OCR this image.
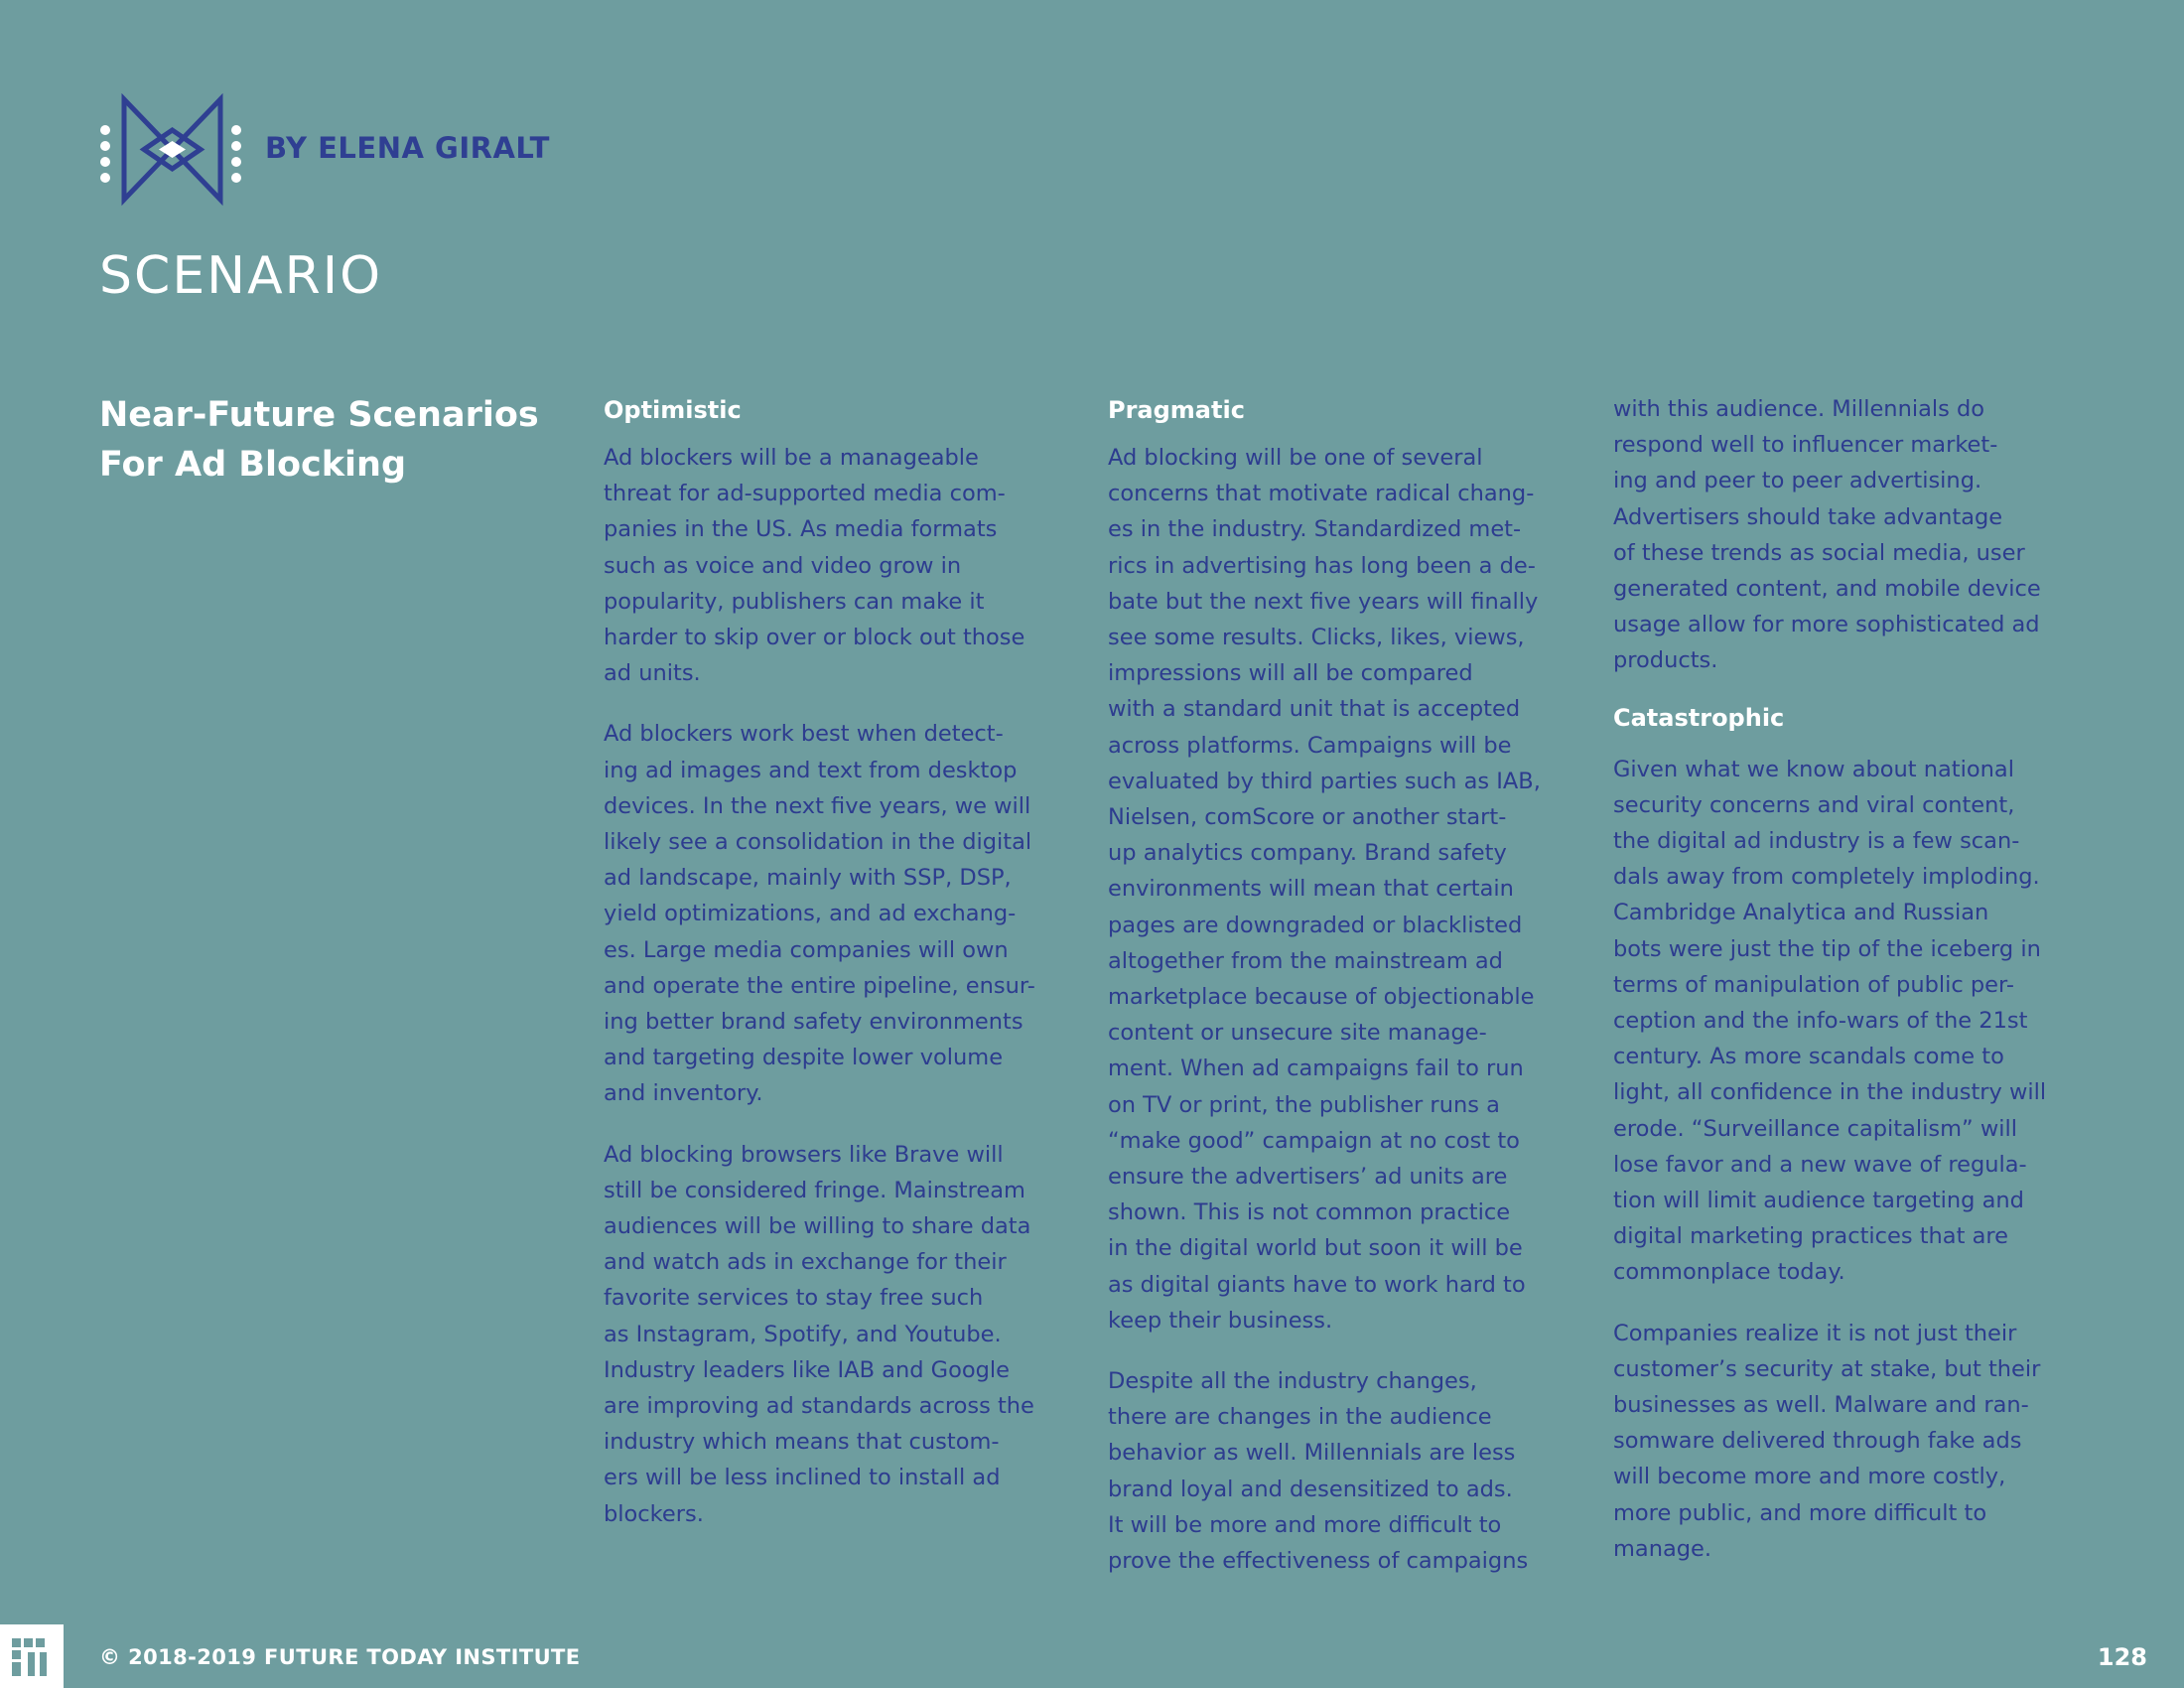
BY ELENA GIRALT
SCENARIO
Near-Future Scenarios
For Ad Blocking
Optimistic
Ad blockers will be a manageable
threat for ad-supported media com-
panies in the US. As media formats
such as voice and video grow in
popularity, publishers can make it
harder to skip over or block out those
ad units.
Ad blockers work best when detect-
ing ad images and text from desktop
devices. In the next five years, we will
likely see a consolidation in the digital
ad landscape, mainly with SSP, DSP,
yield optimizations, and ad exchang-
es. Large media companies will own
and operate the entire pipeline, ensur-
ing better brand safety environments
and targeting despite lower volume
and inventory.
Ad blocking browsers like Brave will
still be considered fringe. Mainstream
audiences will be willing to share data
and watch ads in exchange for their
favorite services to stay free such
as Instagram, Spotify, and Youtube.
Industry leaders like IAB and Google
are improving ad standards across the
industry which means that custom-
ers will be less inclined to install ad
blockers.
Pragmatic
Ad blocking will be one of several
concerns that motivate radical chang-
es in the industry. Standardized met-
rics in advertising has long been a de-
bate but the next five years will finally
see some results. Clicks, likes, views,
impressions will all be compared
with a standard unit that is accepted
across platforms. Campaigns will be
evaluated by third parties such as IAB,
Nielsen, comScore or another start-
up analytics company. Brand safety
environments will mean that certain
pages are downgraded or blacklisted
altogether from the mainstream ad
marketplace because of objectionable
content or unsecure site manage-
ment. When ad campaigns fail to run
on TV or print, the publisher runs a
“make good” campaign at no cost to
ensure the advertisers’ ad units are
shown. This is not common practice
in the digital world but soon it will be
as digital giants have to work hard to
keep their business.
Despite all the industry changes,
there are changes in the audience
behavior as well. Millennials are less
brand loyal and desensitized to ads.
It will be more and more difficult to
prove the effectiveness of campaigns
with this audience. Millennials do
respond well to influencer market-
ing and peer to peer advertising.
Advertisers should take advantage
of these trends as social media, user
generated content, and mobile device
usage allow for more sophisticated ad
products.
Catastrophic
Given what we know about national
security concerns and viral content,
the digital ad industry is a few scan-
dals away from completely imploding.
Cambridge Analytica and Russian
bots were just the tip of the iceberg in
terms of manipulation of public per-
ception and the info-wars of the 21st
century. As more scandals come to
light, all confidence in the industry will
erode. “Surveillance capitalism” will
lose favor and a new wave of regula-
tion will limit audience targeting and
digital marketing practices that are
commonplace today.
Companies realize it is not just their
customer’s security at stake, but their
businesses as well. Malware and ran-
somware delivered through fake ads
will become more and more costly,
more public, and more difficult to
manage.
© 2018-2019 FUTURE TODAY INSTITUTE	128
